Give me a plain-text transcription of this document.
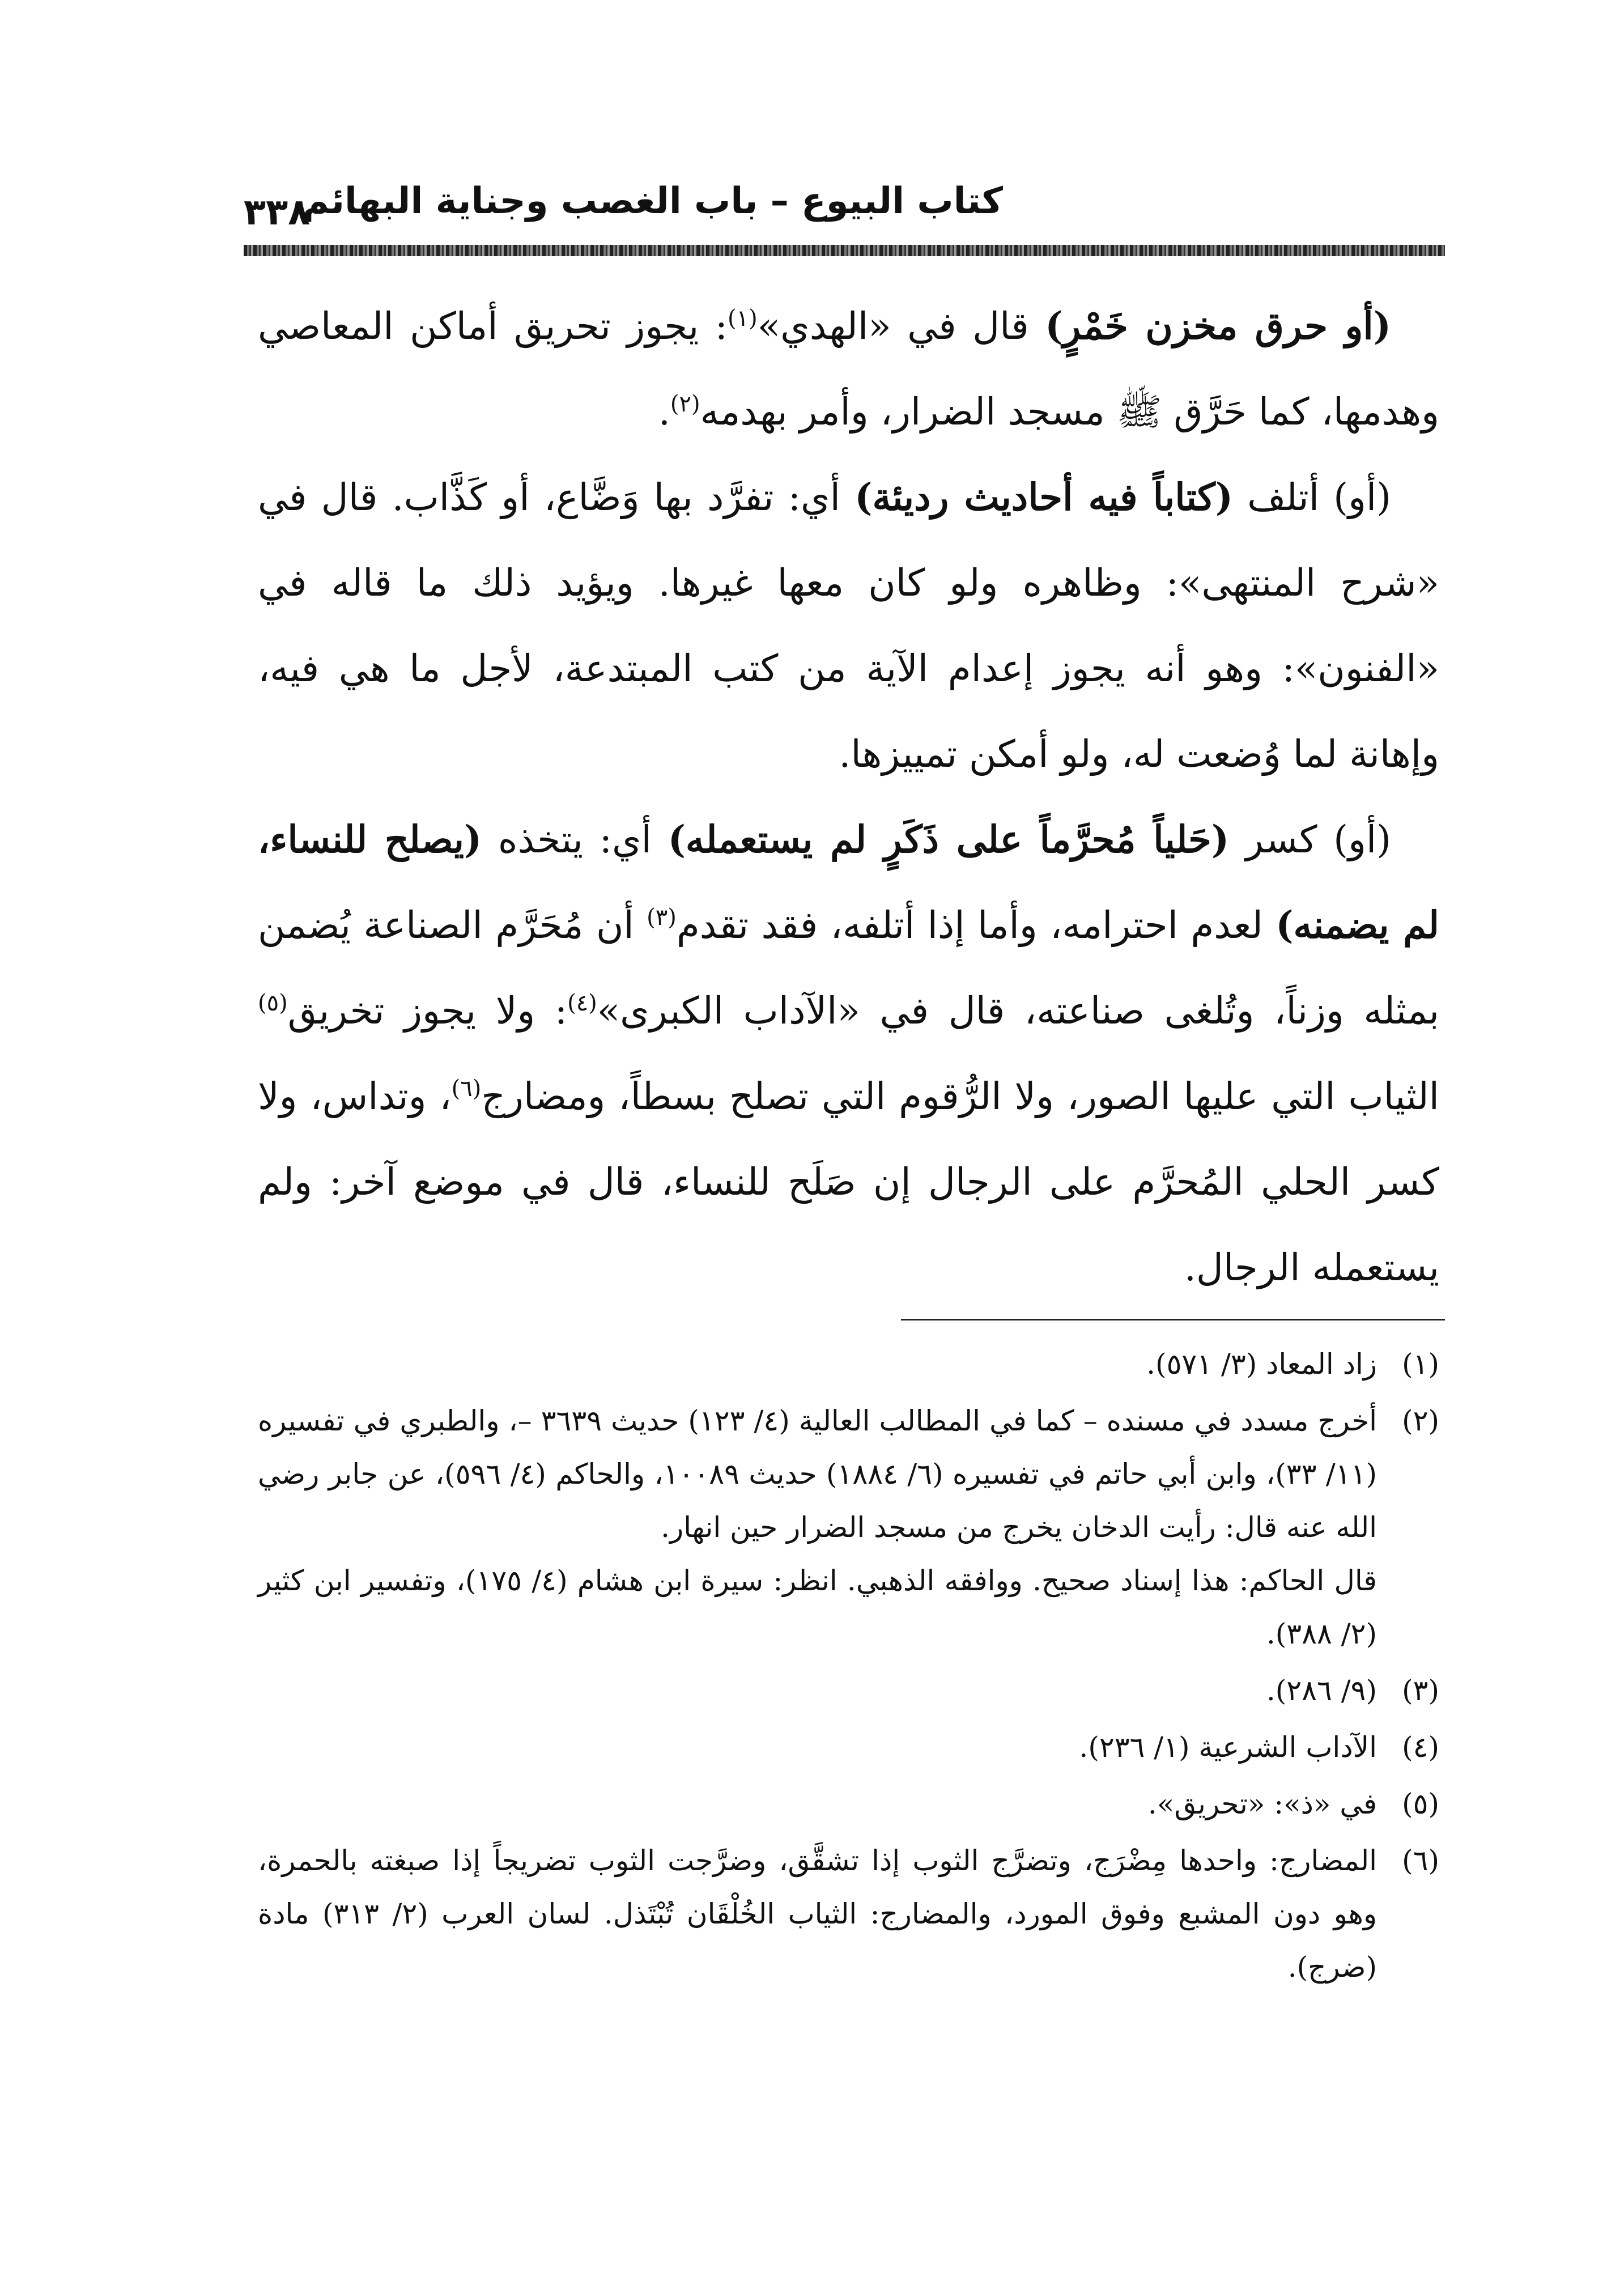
كتاب البيوع – باب الغصب وجناية البهائم
٣٣٨

(أو حرق مخزن خَمْرٍ) قال في «الهدي»$^{(١)}$: يجوز تحريق أماكن المعاصي وهدمها، كما حَرَّق ﷺ مسجد الضرار، وأمر بهدمه$^{(٢)}$.

(أو) أتلف (كتاباً فيه أحاديث رديئة) أي: تفرَّد بها وَضَّاع، أو كَذَّاب. قال في «شرح المنتهى»: وظاهره ولو كان معها غيرها. ويؤيد ذلك ما قاله في «الفنون»: وهو أنه يجوز إعدام الآية من كتب المبتدعة، لأجل ما هي فيه، وإهانة لما وُضعت له، ولو أمكن تمييزها.

(أو) كسر (حَلياً مُحرَّماً على ذَكَرٍ لم يستعمله) أي: يتخذه (يصلح للنساء، لم يضمنه) لعدم احترامه، وأما إذا أتلفه، فقد تقدم$^{(٣)}$ أن مُحَرَّم الصناعة يُضمن بمثله وزناً، وتُلغى صناعته، قال في «الآداب الكبرى»$^{(٤)}$: ولا يجوز تخريق$^{(٥)}$ الثياب التي عليها الصور، ولا الرُّقوم التي تصلح بسطاً، ومضارج$^{(٦)}$، وتداس، ولا كسر الحلي المُحرَّم على الرجال إن صَلَح للنساء، قال في موضع آخر: ولم يستعمله الرجال.

(١)

زاد المعاد (٣/ ٥٧١).

(٢)

أخرج مسدد في مسنده – كما في المطالب العالية (٤/ ١٢٣) حديث ٣٦٣٩ –، والطبري في تفسيره (١١/ ٣٣)، وابن أبي حاتم في تفسيره (٦/ ١٨٨٤) حديث ١٠٠٨٩، والحاكم (٤/ ٥٩٦)، عن جابر رضي الله عنه قال: رأيت الدخان يخرج من مسجد الضرار حين انهار.

قال الحاكم: هذا إسناد صحيح. ووافقه الذهبي. انظر: سيرة ابن هشام (٤/ ١٧٥)، وتفسير ابن كثير (٢/ ٣٨٨).

(٣)

(٩/ ٢٨٦).

(٤)

الآداب الشرعية (١/ ٢٣٦).

(٥)

في «ذ»: «تحريق».

(٦)

المضارج: واحدها مِضْرَج، وتضرَّج الثوب إذا تشقَّق، وضرَّجت الثوب تضريجاً إذا صبغته بالحمرة، وهو دون المشبع وفوق المورد، والمضارج: الثياب الخُلْقَان تُبْتَذل. لسان العرب (٢/ ٣١٣) مادة (ضرج).
